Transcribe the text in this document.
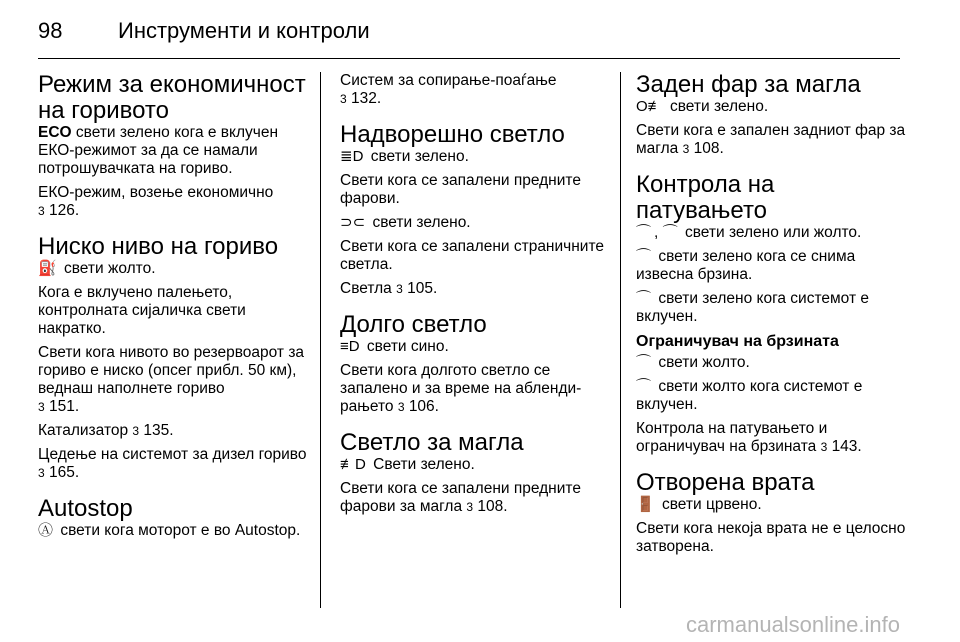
98	Инструменти и контроли
Режим за економичност на горивото

ECO свети зелено кога е вклучен ЕКО-режимот за да се намали потрошувачката на гориво.

ЕКО-режим, возење економично
3 126.

Ниско ниво на гориво

⛽ свети жолто.

Кога е вклучено палењето, контролната сијаличка свети накратко.

Свети кога нивото во резервоарот за гориво е ниско (опсег прибл. 50 км), веднаш наполнете гориво
3 151.

Катализатор 3 135.

Цедење на системот за дизел гориво 3 165.

Autostop

Ⓐ свети кога моторот е во Autostop.

Систем за сопирање-поаѓање
3 132.

Надворешно светло

≣D свети зелено.

Свети кога се запалени предните фарови.

⊃⊂ свети зелено.

Свети кога се запалени страничните светла.

Светла 3 105.

Долго светло

≡D свети сино.

Свети кога долгото светло се запалено и за време на аблендирањето 3 106.

Светло за магла

≢D Свети зелено.

Свети кога се запалени предните фарови за магла 3 108.

Заден фар за магла

O≢ свети зелено.

Свети кога е запален задниот фар за магла 3 108.

Контрола на патувањето

⌒ , ⌒ свети зелено или жолто.

⌒ свети зелено кога се снима извесна брзина.

⌒ свети зелено кога системот е вклучен.

Ограничувач на брзината

⌒ свети жолто.

⌒ свети жолто кога системот е вклучен.

Контрола на патувањето и ограничувач на брзината 3 143.

Отворена врата

🚪 свети црвено.

Свети кога некоја врата не е целосно затворена.

carmanualsonline.info
